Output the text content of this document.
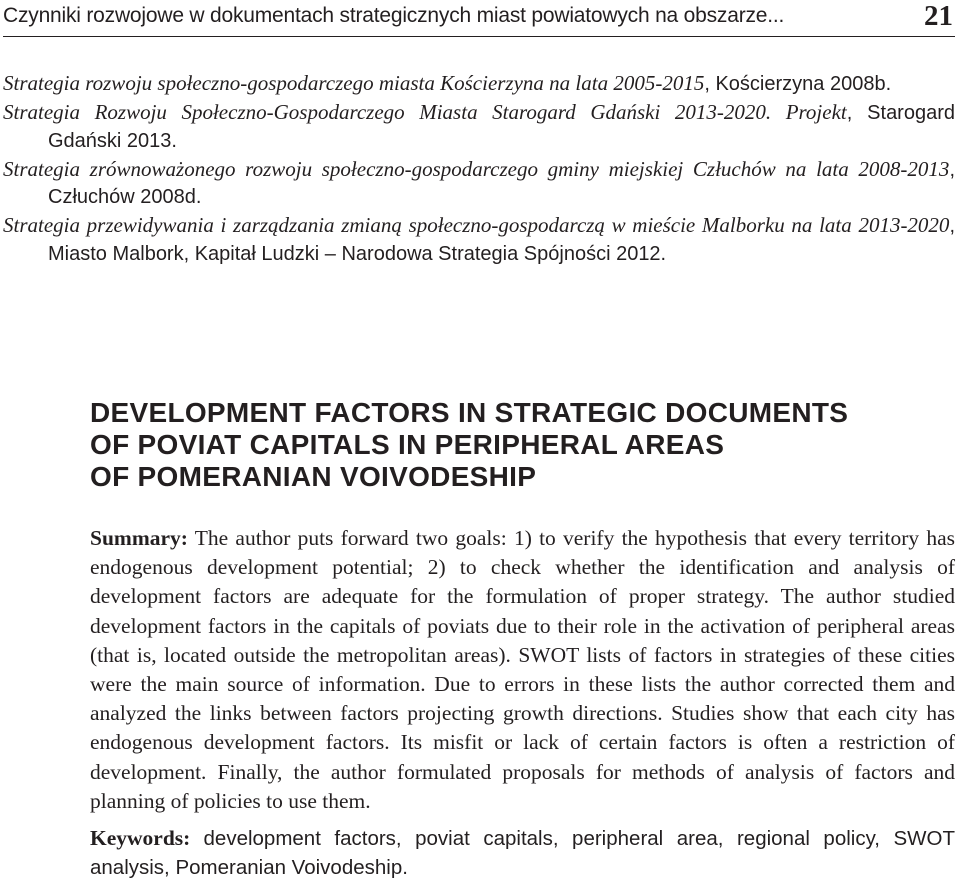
Czynniki rozwojowe w dokumentach strategicznych miast powiatowych na obszarze...	21
Strategia rozwoju społeczno-gospodarczego miasta Kościerzyna na lata 2005-2015, Kościerzyna 2008b.
Strategia Rozwoju Społeczno-Gospodarczego Miasta Starogard Gdański 2013-2020. Projekt, Starogard Gdański 2013.
Strategia zrównoważonego rozwoju społeczno-gospodarczego gminy miejskiej Człuchów na lata 2008-2013, Człuchów 2008d.
Strategia przewidywania i zarządzania zmianą społeczno-gospodarczą w mieście Malborku na lata 2013-2020, Miasto Malbork, Kapitał Ludzki – Narodowa Strategia Spójności 2012.
DEVELOPMENT FACTORS IN STRATEGIC DOCUMENTS
OF POVIAT CAPITALS IN PERIPHERAL AREAS
OF POMERANIAN VOIVODESHIP
Summary: The author puts forward two goals: 1) to verify the hypothesis that every territory has endogenous development potential; 2) to check whether the identification and analysis of development factors are adequate for the formulation of proper strategy. The author studied development factors in the capitals of poviats due to their role in the activation of peripheral areas (that is, located outside the metropolitan areas). SWOT lists of factors in strategies of these cities were the main source of information. Due to errors in these lists the author corrected them and analyzed the links between factors projecting growth directions. Studies show that each city has endogenous development factors. Its misfit or lack of certain factors is often a restriction of development. Finally, the author formulated proposals for methods of analysis of factors and planning of policies to use them.
Keywords: development factors, poviat capitals, peripheral area, regional policy, SWOT analysis, Pomeranian Voivodeship.
